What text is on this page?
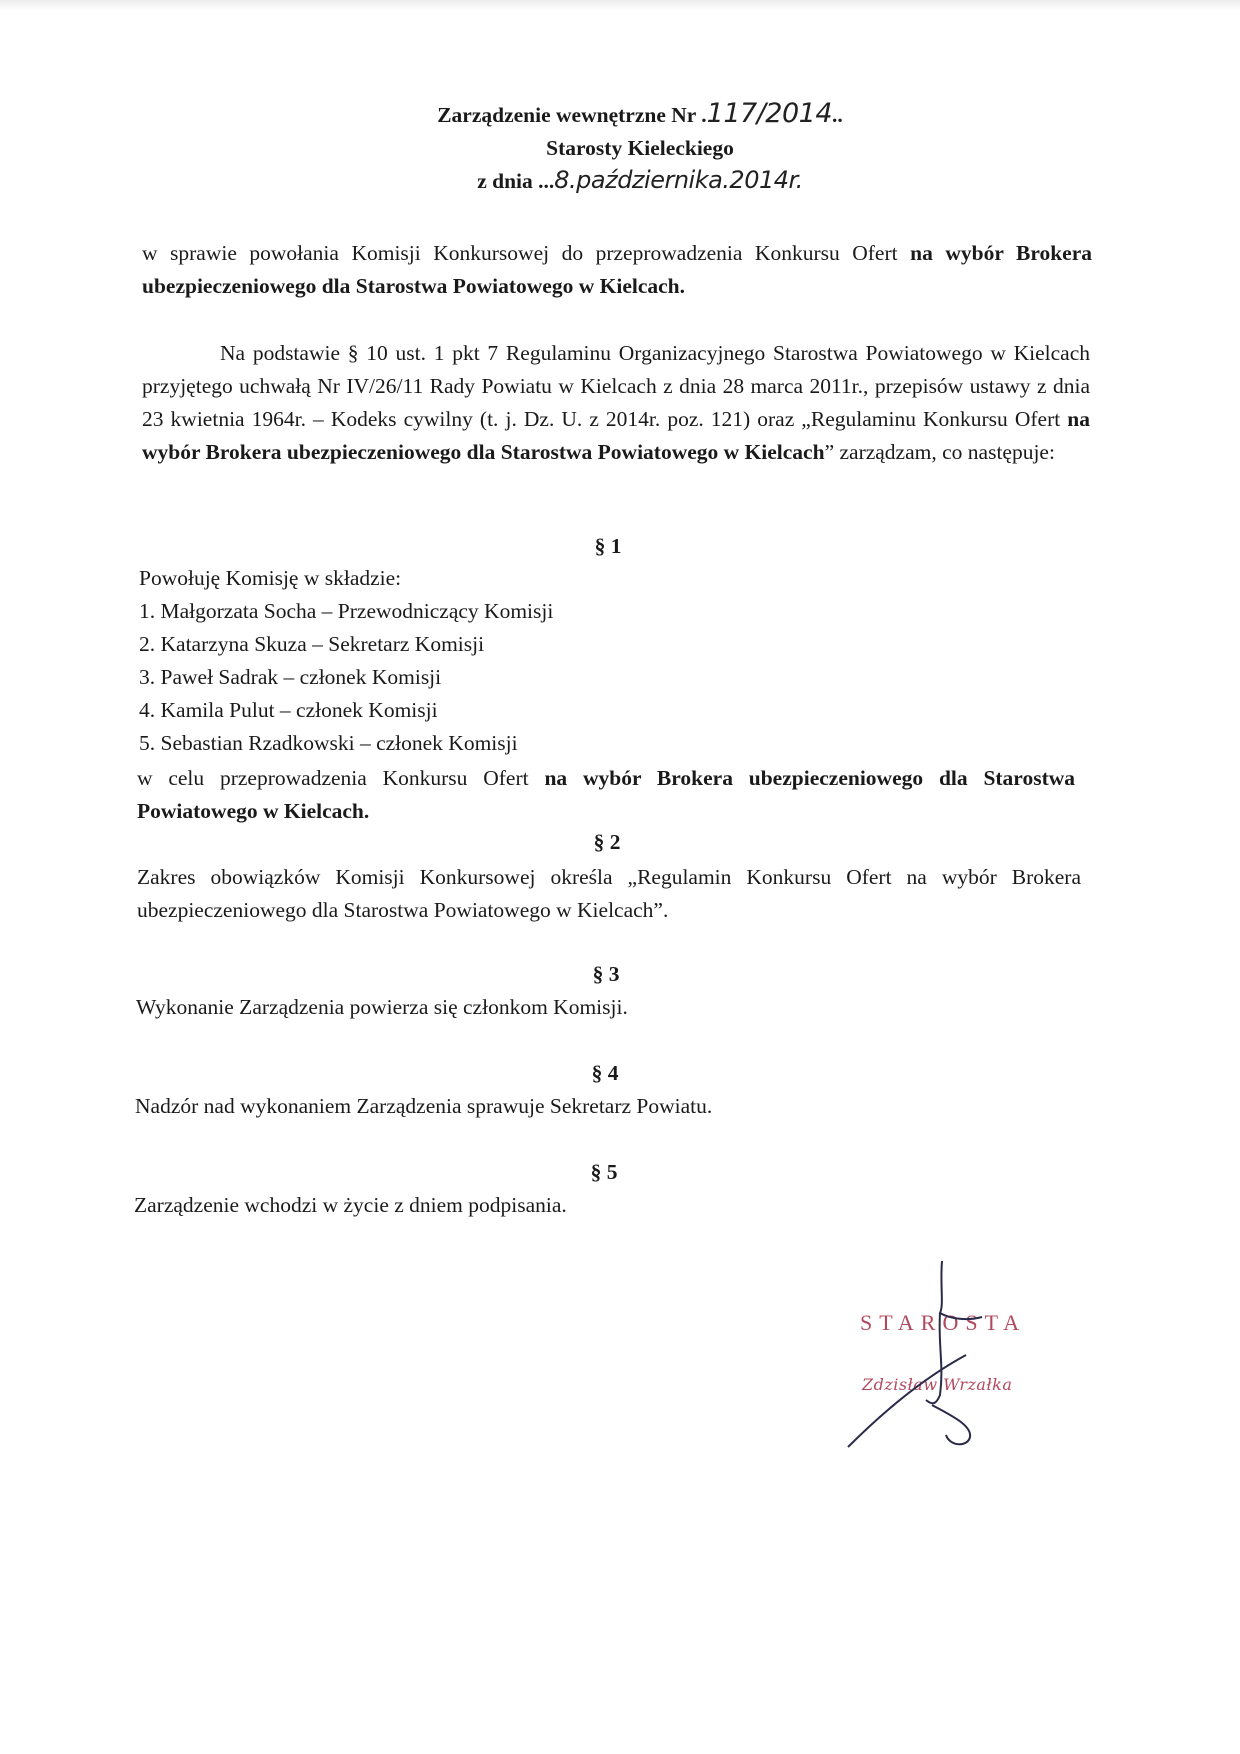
Zarządzenie wewnętrzne Nr .117/2014..
Starosty Kieleckiego
z dnia ...8.października.2014r.
w sprawie powołania Komisji Konkursowej do przeprowadzenia Konkursu Ofert na wybór Brokera ubezpieczeniowego dla Starostwa Powiatowego w Kielcach.
Na podstawie § 10 ust. 1 pkt 7 Regulaminu Organizacyjnego Starostwa Powiatowego w Kielcach przyjętego uchwałą Nr IV/26/11 Rady Powiatu w Kielcach z dnia 28 marca 2011r., przepisów ustawy z dnia 23 kwietnia 1964r. – Kodeks cywilny (t. j. Dz. U. z 2014r. poz. 121) oraz „Regulaminu Konkursu Ofert na wybór Brokera ubezpieczeniowego dla Starostwa Powiatowego w Kielcach” zarządzam, co następuje:
§ 1
Powołuję Komisję w składzie:
1. Małgorzata Socha – Przewodniczący Komisji
2. Katarzyna Skuza – Sekretarz Komisji
3. Paweł Sadrak – członek Komisji
4. Kamila Pulut – członek Komisji
5. Sebastian Rzadkowski – członek Komisji
w celu przeprowadzenia Konkursu Ofert na wybór Brokera ubezpieczeniowego dla Starostwa Powiatowego w Kielcach.
§ 2
Zakres obowiązków Komisji Konkursowej określa „Regulamin Konkursu Ofert na wybór Brokera ubezpieczeniowego dla Starostwa Powiatowego w Kielcach”.
§ 3
Wykonanie Zarządzenia powierza się członkom Komisji.
§ 4
Nadzór nad wykonaniem Zarządzenia sprawuje Sekretarz Powiatu.
§ 5
Zarządzenie wchodzi w życie z dniem podpisania.
STAROSTA
Zdzisław Wrzałka
